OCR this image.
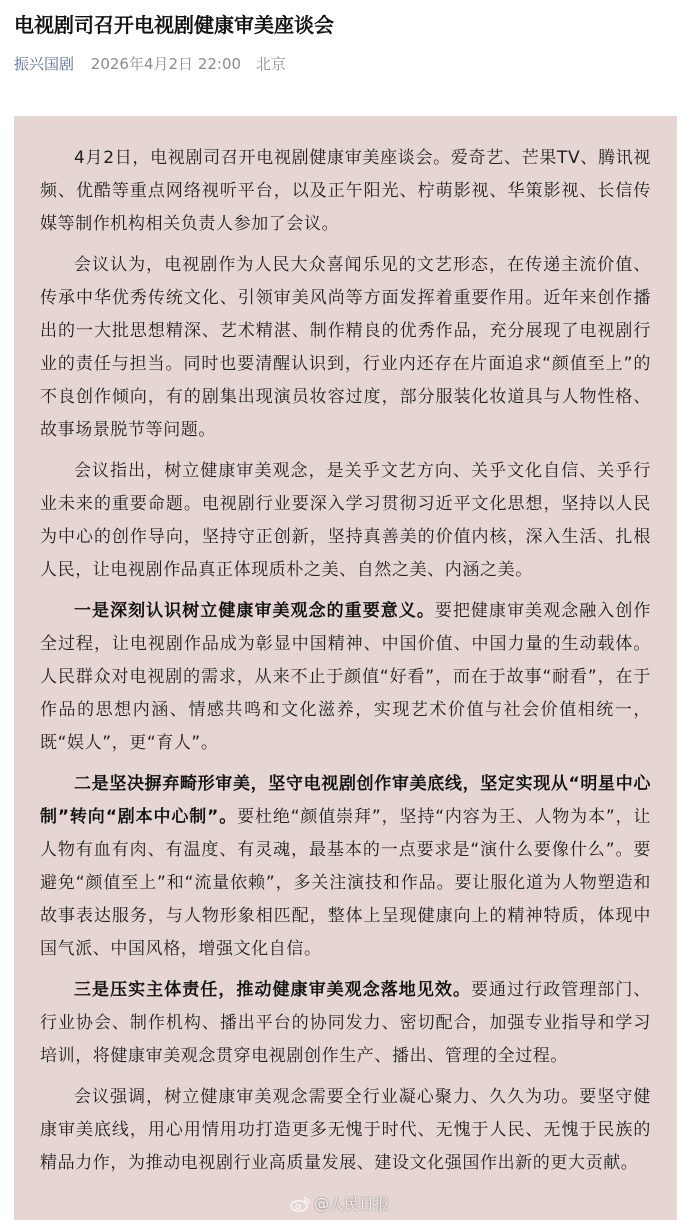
电视剧司召开电视剧健康审美座谈会
振兴国剧 2026年4月2日 22:00 北京

4月2日，电视剧司召开电视剧健康审美座谈会。爱奇艺、芒果TV、腾讯视频、优酷等重点网络视听平台，以及正午阳光、柠萌影视、华策影视、长信传媒等制作机构相关负责人参加了会议。

会议认为，电视剧作为人民大众喜闻乐见的文艺形态，在传递主流价值、传承中华优秀传统文化、引领审美风尚等方面发挥着重要作用。近年来创作播出的一大批思想精深、艺术精湛、制作精良的优秀作品，充分展现了电视剧行业的责任与担当。同时也要清醒认识到，行业内还存在片面追求“颜值至上”的不良创作倾向，有的剧集出现演员妆容过度，部分服装化妆道具与人物性格、故事场景脱节等问题。

会议指出，树立健康审美观念，是关乎文艺方向、关乎文化自信、关乎行业未来的重要命题。电视剧行业要深入学习贯彻习近平文化思想，坚持以人民为中心的创作导向，坚持守正创新，坚持真善美的价值内核，深入生活、扎根人民，让电视剧作品真正体现质朴之美、自然之美、内涵之美。

一是深刻认识树立健康审美观念的重要意义。要把健康审美观念融入创作全过程，让电视剧作品成为彰显中国精神、中国价值、中国力量的生动载体。人民群众对电视剧的需求，从来不止于颜值“好看”，而在于故事“耐看”，在于作品的思想内涵、情感共鸣和文化滋养，实现艺术价值与社会价值相统一，既“娱人”，更“育人”。

二是坚决摒弃畸形审美，坚守电视剧创作审美底线，坚定实现从“明星中心制”转向“剧本中心制”。要杜绝“颜值崇拜”，坚持“内容为王、人物为本”，让人物有血有肉、有温度、有灵魂，最基本的一点要求是“演什么要像什么”。要避免“颜值至上”和“流量依赖”，多关注演技和作品。要让服化道为人物塑造和故事表达服务，与人物形象相匹配，整体上呈现健康向上的精神特质，体现中国气派、中国风格，增强文化自信。

三是压实主体责任，推动健康审美观念落地见效。要通过行政管理部门、行业协会、制作机构、播出平台的协同发力、密切配合，加强专业指导和学习培训，将健康审美观念贯穿电视剧创作生产、播出、管理的全过程。

会议强调，树立健康审美观念需要全行业凝心聚力、久久为功。要坚守健康审美底线，用心用情用功打造更多无愧于时代、无愧于人民、无愧于民族的精品力作，为推动电视剧行业高质量发展、建设文化强国作出新的更大贡献。

@人民日报
